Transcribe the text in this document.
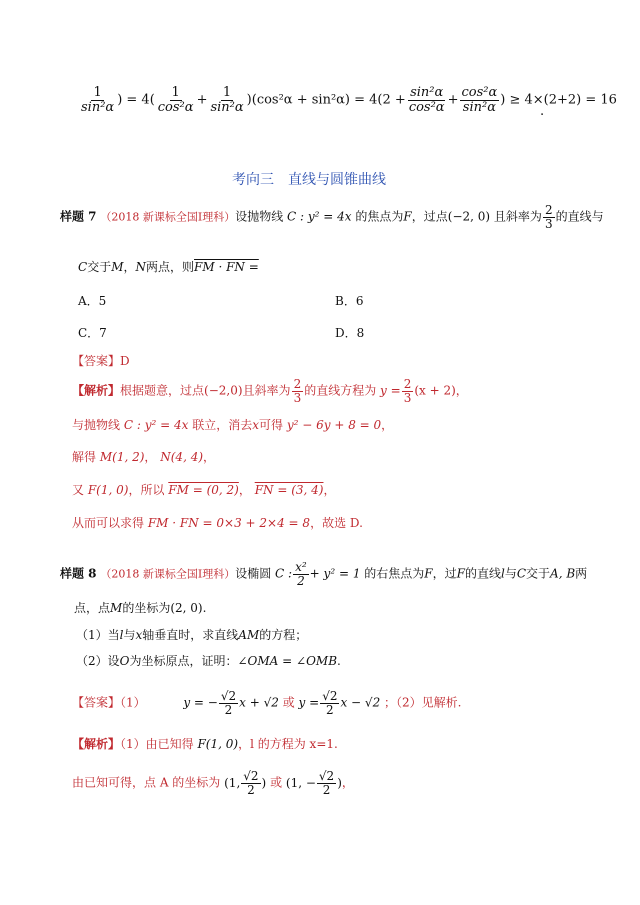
$\frac{1}{\text{sin²α}}$ ) = $4( \frac{1}{\text{cos²α}} + \frac{1}{\text{sin²α}} )(\cos^2\alpha + \sin^2\alpha) = 4(2 + \frac{\text{sin²α}}{\text{cos²α}} + \frac{\text{cos²α}}{\text{sin²α}}$ ) ≥ 4×(2+2) = 16
.
考向三　直线与圆锥曲线
样题 7 （2018 新课标全国Ⅰ理科）设抛物线 C : y² = 4x 的焦点为F，过点(−2, 0) 且斜率为 $\frac{2}{3}$ 的直线与
C交于M，N两点，则FM · FN =
A．5	B．6
C．7	D．8
【答案】D
【解析】根据题意，过点(−2,0)且斜率为 $\frac{2}{3}$ 的直线方程为 $y = \frac{2}{3} (x + 2)$，
与抛物线 C : y² = 4x 联立，消去x可得 y² − 6y + 8 = 0，
解得 M(1, 2)， N(4, 4)，
又 F(1, 0)，所以 FM = (0, 2)， FN = (3, 4)，
从而可以求得 FM · FN = 0×3 + 2×4 = 8，故选 D.
样题 8 （2018 新课标全国Ⅰ理科）设椭圆 C : $\frac{\text{x²}}{2} + y^2 = 1$ 的右焦点为F，过F的直线l与C交于A, B两
点，点M的坐标为(2, 0).
（1）当l与x轴垂直时，求直线AM的方程；
（2）设O为坐标原点，证明：∠OMA = ∠OMB.
【答案】（1）	y = − $\frac{√2}{2}$ x + √2 或 $y = \frac{√2}{2}$ x − √2 ；（2）见解析.
【解析】（1）由已知得 F(1, 0)，l 的方程为 x=1.
由已知可得，点 A 的坐标为 (1, $\frac{√2}{2}$ ) 或 (1, − $\frac{√2}{2}$ )，
